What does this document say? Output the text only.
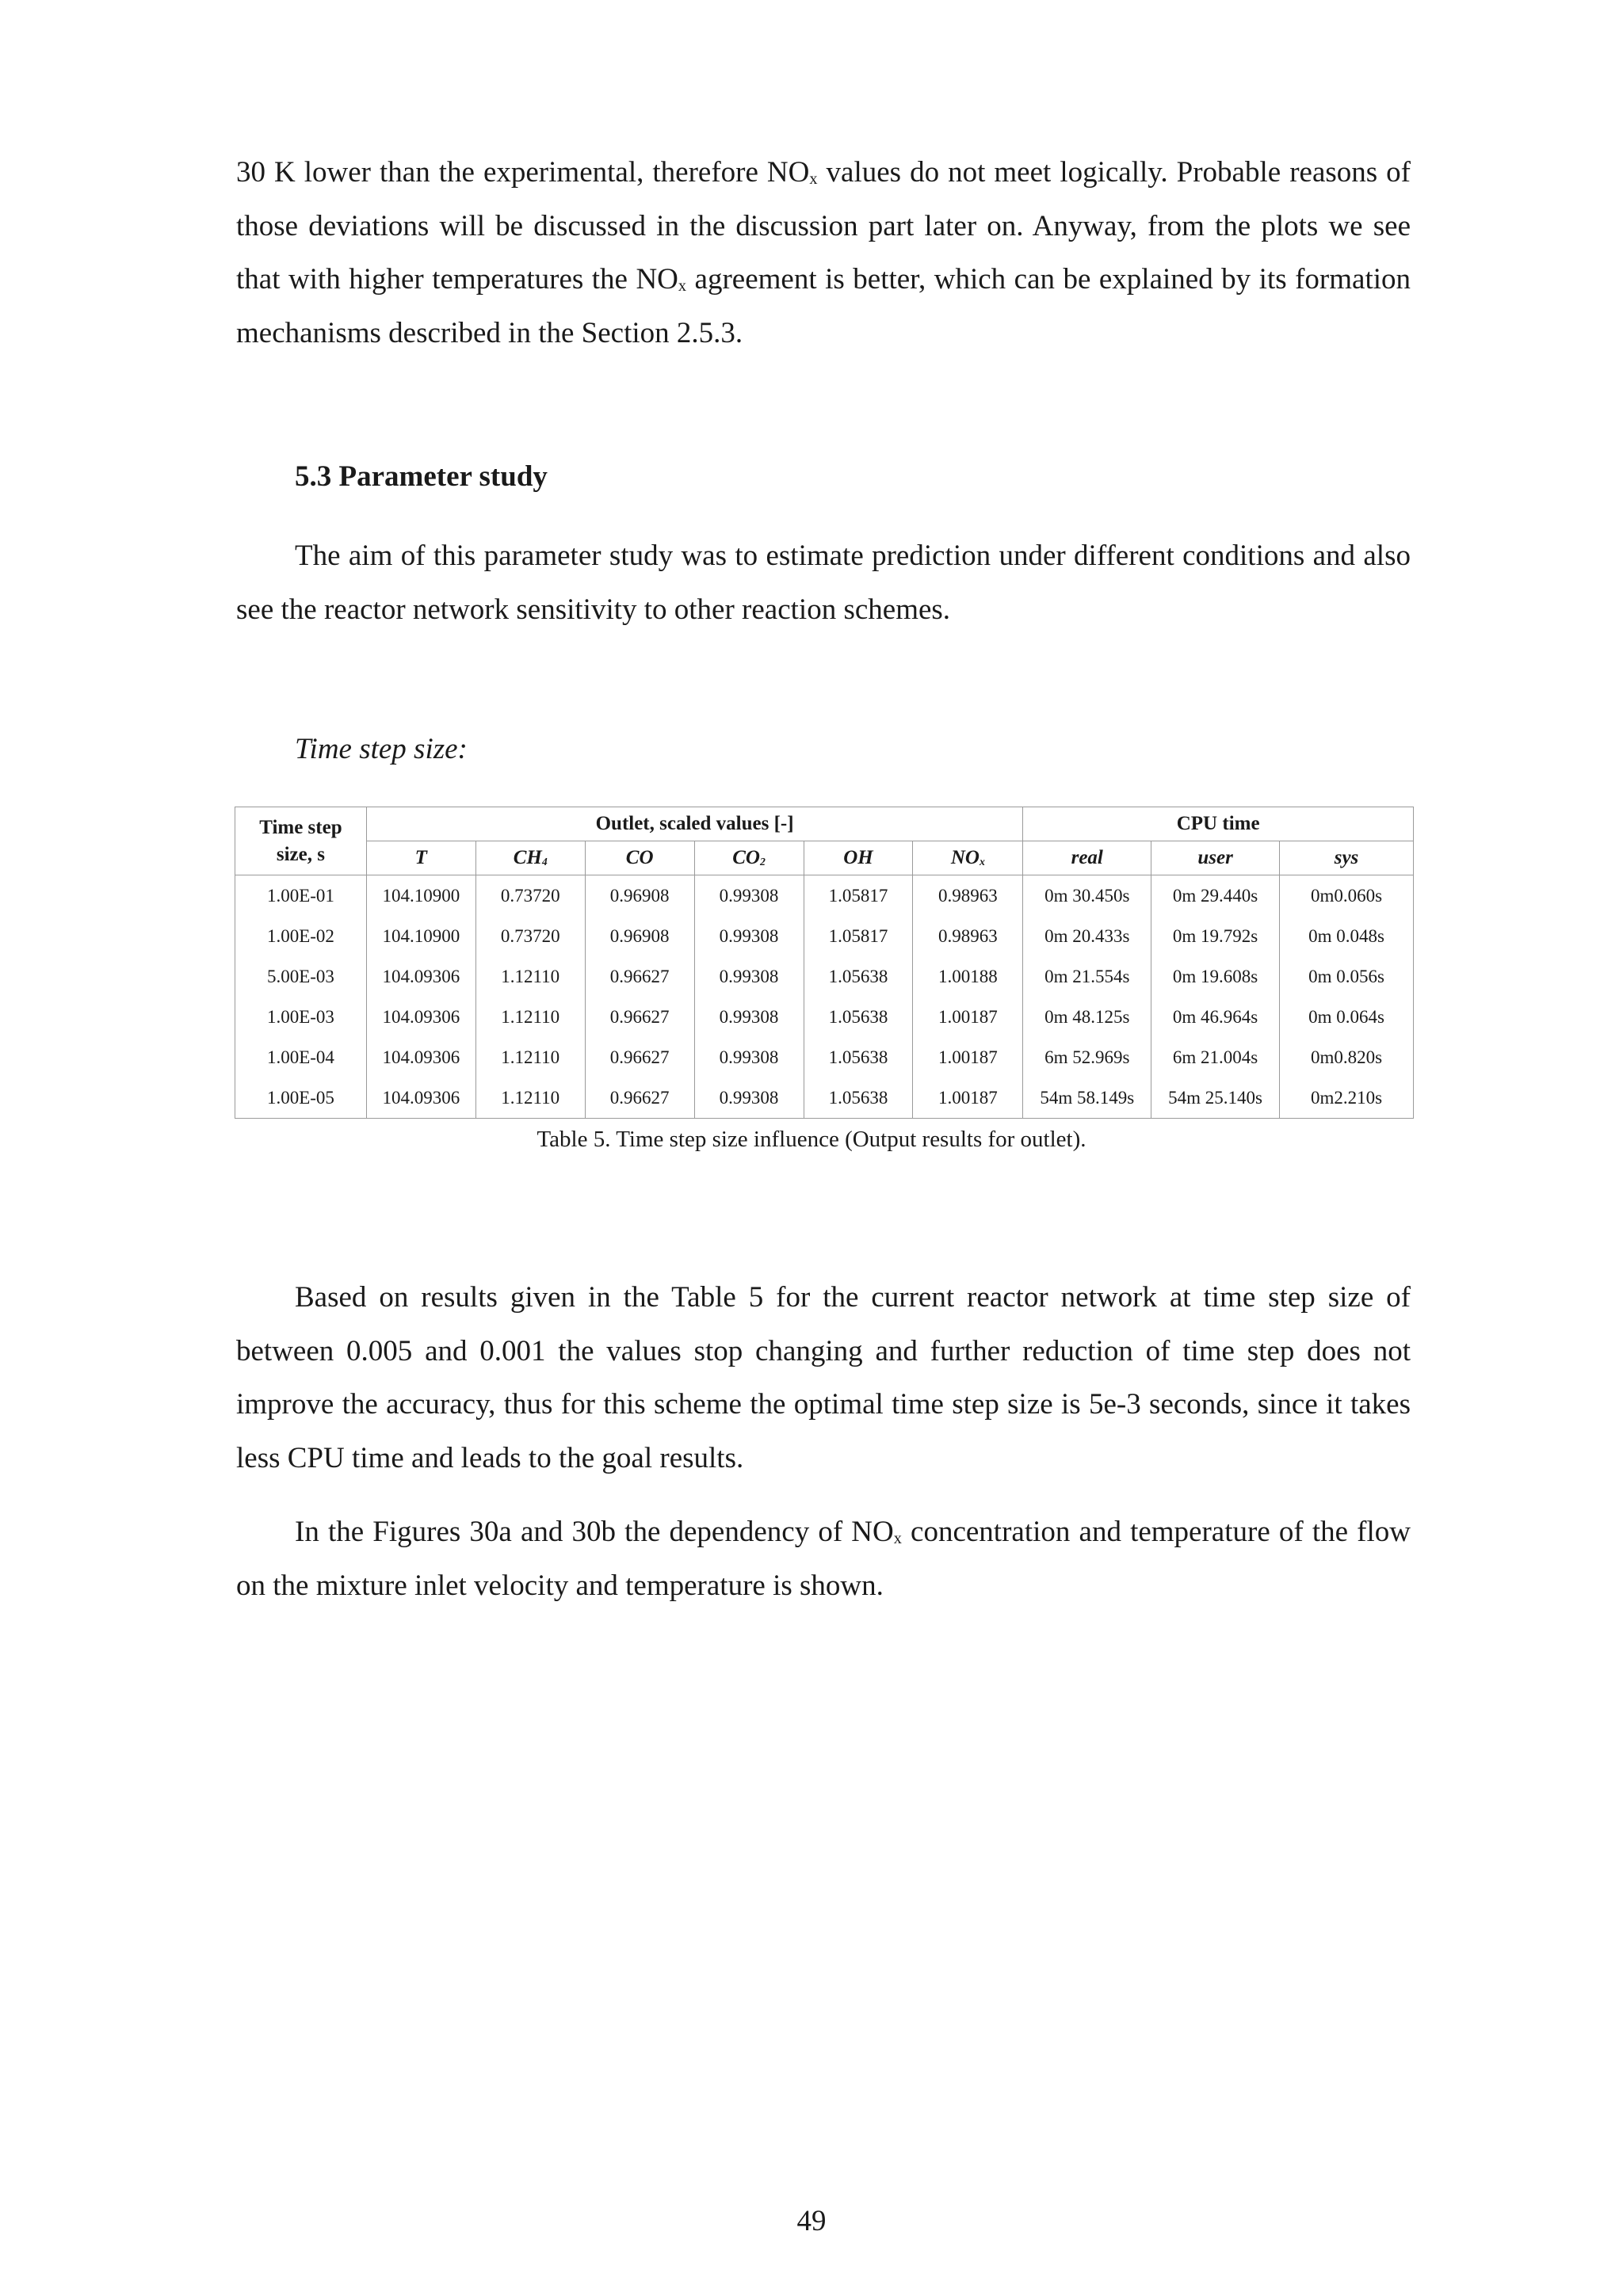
30 K lower than the experimental, therefore $NO_x$ values do not meet logically. Probable reasons of those deviations will be discussed in the discussion part later on. Anyway, from the plots we see that with higher temperatures the $NO_x$ agreement is better, which can be explained by its formation mechanisms described in the Section 2.5.3.

5.3 Parameter study

The aim of this parameter study was to estimate prediction under different conditions and also see the reactor network sensitivity to other reaction schemes.

Time step size:

Time step
size, s	Outlet, scaled values [-]						CPU time		
	T	$CH_4$	CO	$CO_2$	OH	$NO_x$	real	user	sys
1.00E-01	104.10900	0.73720	0.96908	0.99308	1.05817	0.98963	0m 30.450s	0m 29.440s	0m0.060s
1.00E-02	104.10900	0.73720	0.96908	0.99308	1.05817	0.98963	0m 20.433s	0m 19.792s	0m 0.048s
5.00E-03	104.09306	1.12110	0.96627	0.99308	1.05638	1.00188	0m 21.554s	0m 19.608s	0m 0.056s
1.00E-03	104.09306	1.12110	0.96627	0.99308	1.05638	1.00187	0m 48.125s	0m 46.964s	0m 0.064s
1.00E-04	104.09306	1.12110	0.96627	0.99308	1.05638	1.00187	6m 52.969s	6m 21.004s	0m0.820s
1.00E-05	104.09306	1.12110	0.96627	0.99308	1.05638	1.00187	54m 58.149s	54m 25.140s	0m2.210s

Table 5. Time step size influence (Output results for outlet).

Based on results given in the Table 5 for the current reactor network at time step size of between 0.005 and 0.001 the values stop changing and further reduction of time step does not improve the accuracy, thus for this scheme the optimal time step size is 5e-3 seconds, since it takes less CPU time and leads to the goal results.

In the Figures 30a and 30b the dependency of $NO_x$ concentration and temperature of the flow on the mixture inlet velocity and temperature is shown.

49
